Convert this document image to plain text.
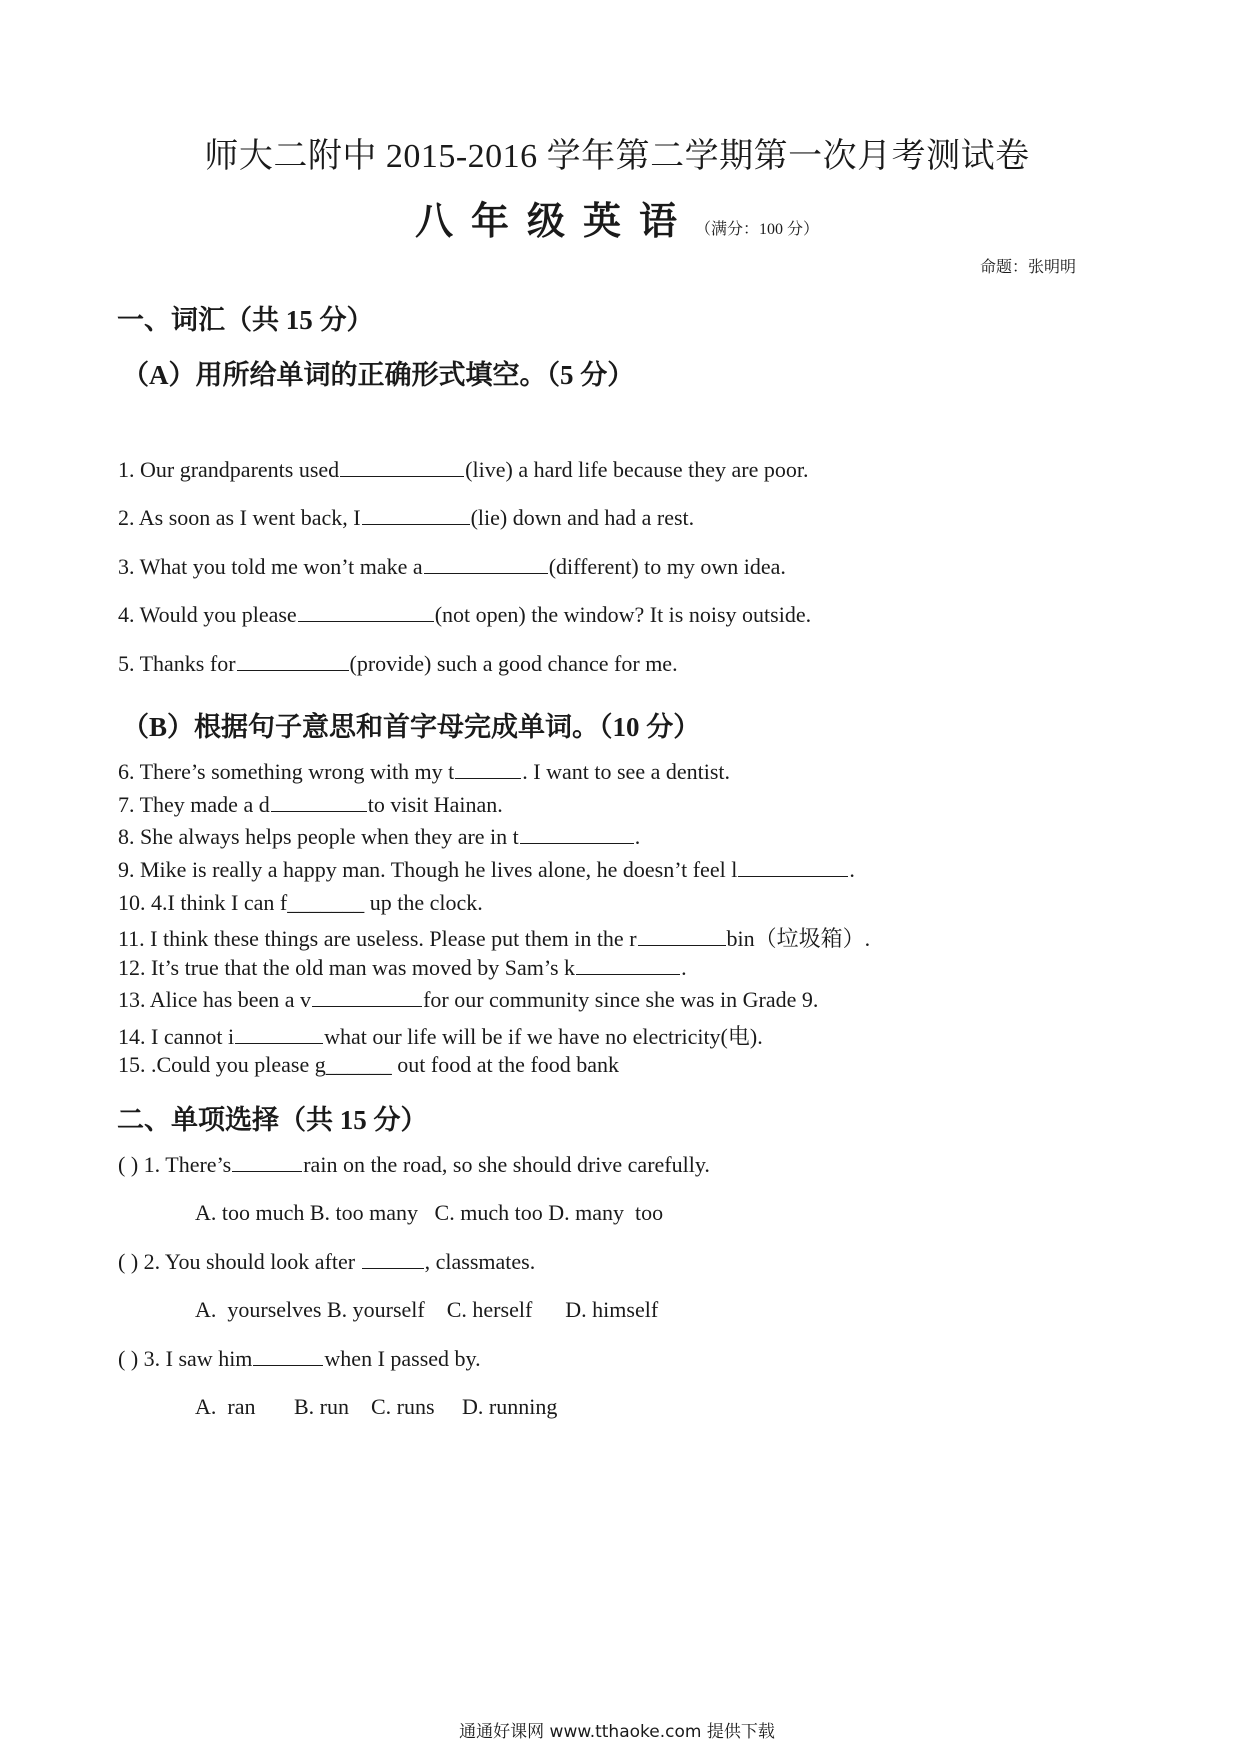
师大二附中 2015-2016 学年第二学期第一次月考测试卷
八年级英语（满分：100 分）
命题：张明明
一、词汇（共 15 分）
（A）用所给单词的正确形式填空。（5 分）
1. Our grandparents used	(live) a hard life because they are poor.
2. As soon as I went back, I	(lie) down and had a rest.
3. What you told me won’t make a	(different) to my own idea.
4. Would you please	(not open) the window? It is noisy outside.
5. Thanks for	(provide) such a good chance for me.
（B）根据句子意思和首字母完成单词。（10 分）
6. There’s something wrong with my t	. I want to see a dentist.
7. They made a d	to visit Hainan.
8. She always helps people when they are in t	.
9. Mike is really a happy man. Though he lives alone, he doesn’t feel l	.
10. 4.I think I can f_______ up the clock.
11. I think these things are useless. Please put them in the r	bin（垃圾箱）.
12. It’s true that the old man was moved by Sam’s k	.
13. Alice has been a v	for our community since she was in Grade 9.
14. I cannot i	what our life will be if we have no electricity(电).
15. .Could you please g______ out food at the food bank
二、单项选择（共 15 分）
( ) 1. There’s	rain on the road, so she should drive carefully.
A. too much B. too many   C. much too D. many  too
( ) 2. You should look after	, classmates.
A.  yourselves B. yourself    C. herself      D. himself
( ) 3. I saw him	when I passed by.
A.  ran       B. run    C. runs     D. running
通通好课网 www.tthaoke.com 提供下载
